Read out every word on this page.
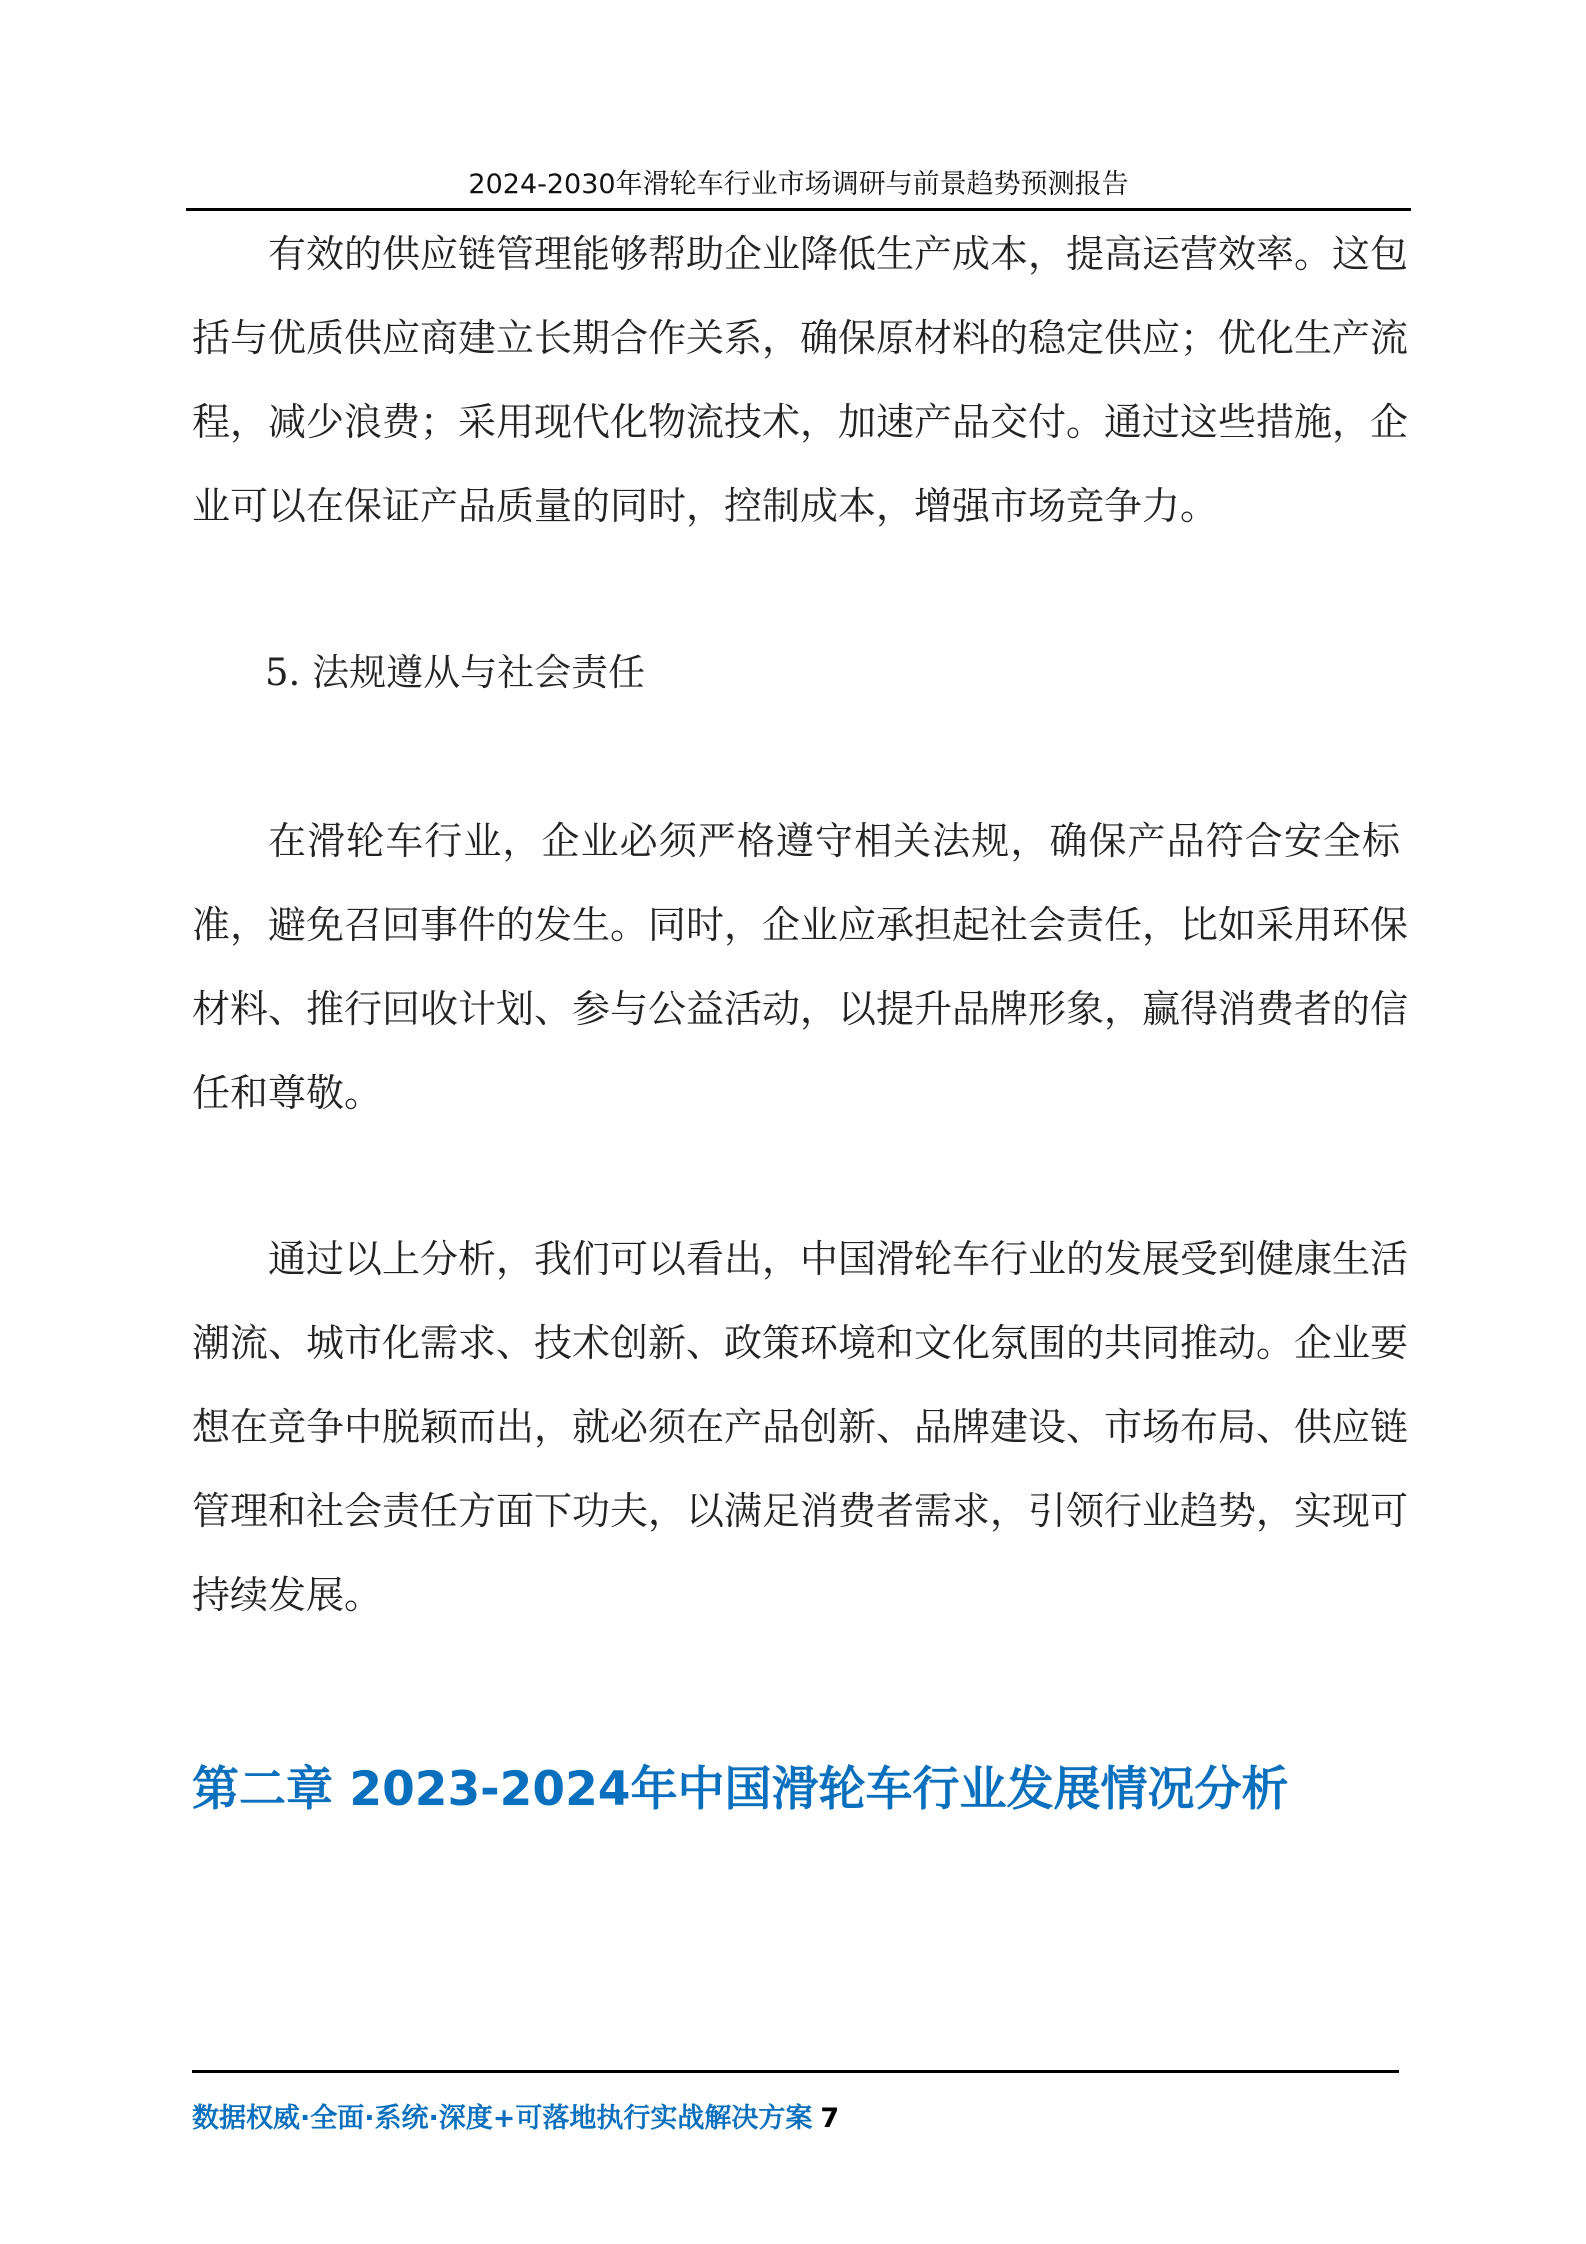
2024-2030年滑轮车行业市场调研与前景趋势预测报告
有效的供应链管理能够帮助企业降低生产成本，提高运营效率。这包
括与优质供应商建立长期合作关系，确保原材料的稳定供应；优化生产流
程，减少浪费；采用现代化物流技术，加速产品交付。通过这些措施，企
业可以在保证产品质量的同时，控制成本，增强市场竞争力。
5. 法规遵从与社会责任
在滑轮车行业，企业必须严格遵守相关法规，确保产品符合安全标
准，避免召回事件的发生。同时，企业应承担起社会责任，比如采用环保
材料、推行回收计划、参与公益活动，以提升品牌形象，赢得消费者的信
任和尊敬。
通过以上分析，我们可以看出，中国滑轮车行业的发展受到健康生活
潮流、城市化需求、技术创新、政策环境和文化氛围的共同推动。企业要
想在竞争中脱颖而出，就必须在产品创新、品牌建设、市场布局、供应链
管理和社会责任方面下功夫，以满足消费者需求，引领行业趋势，实现可
持续发展。
第二章 2023-2024年中国滑轮车行业发展情况分析
数据权威·全面·系统·深度+可落地执行实战解决方案 7
